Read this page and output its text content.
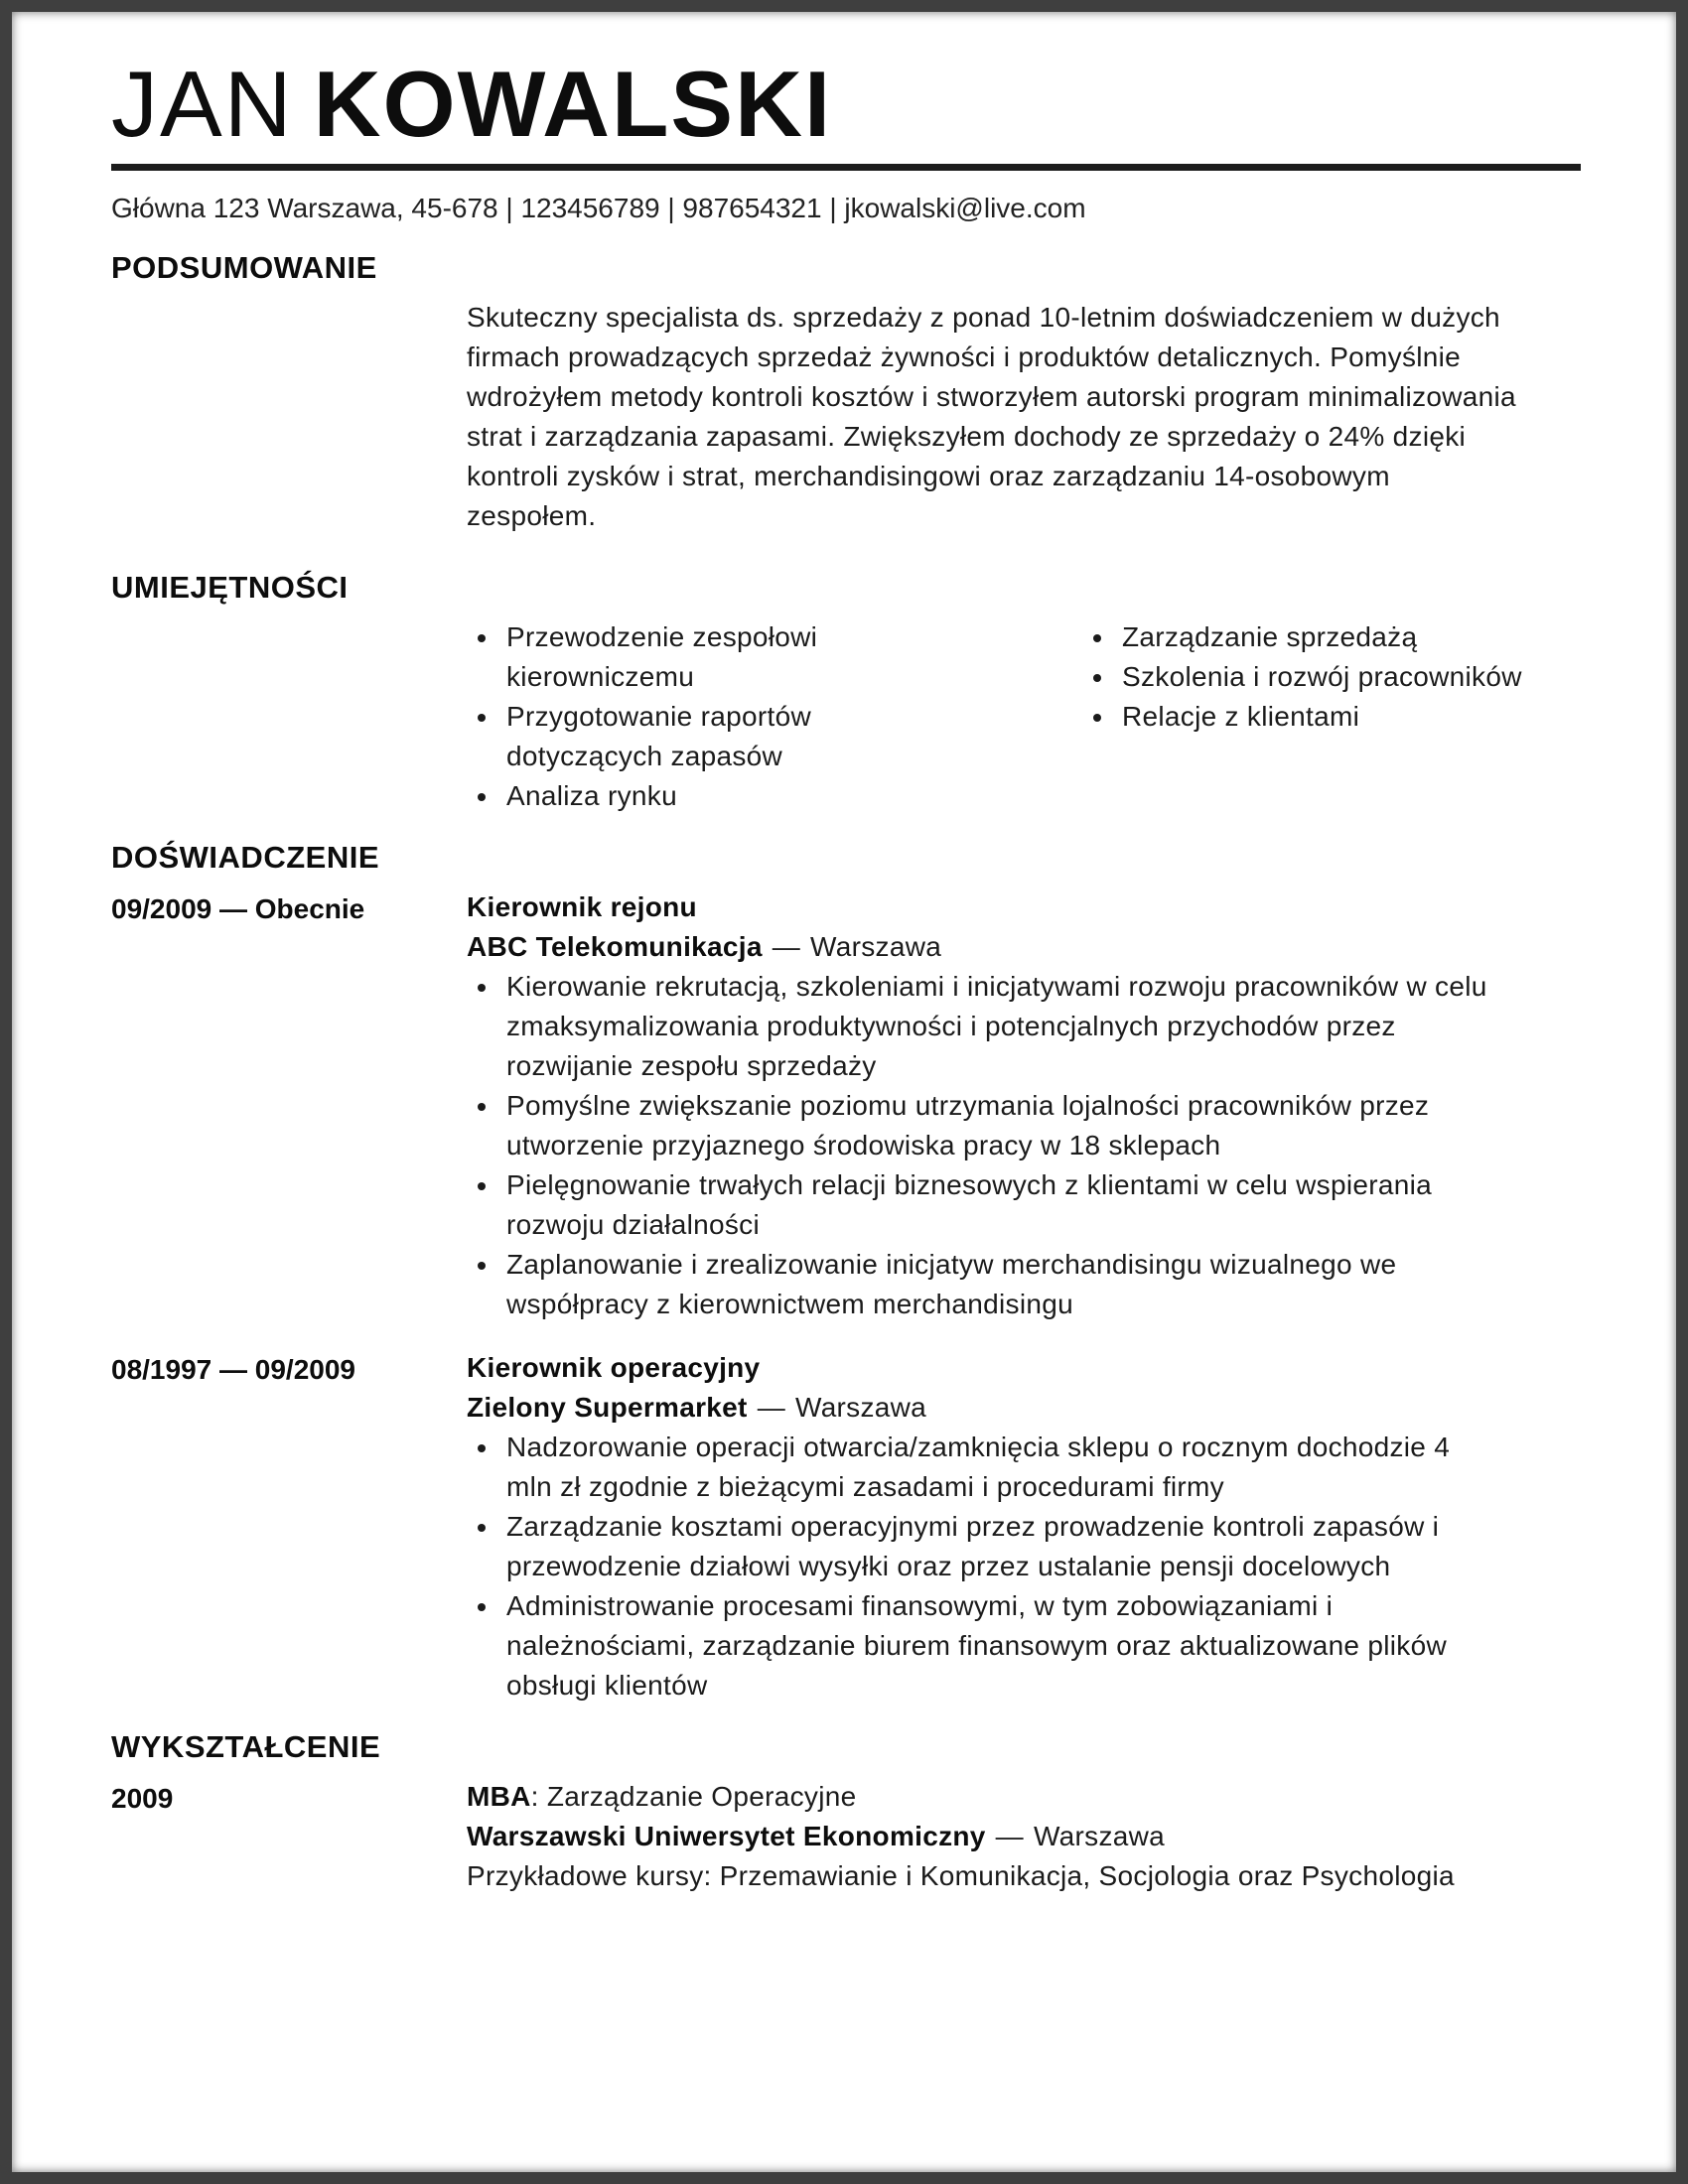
JAN KOWALSKI
Główna 123 Warszawa, 45-678 | 123456789 | 987654321 | jkowalski@live.com
PODSUMOWANIE

Skuteczny specjalista ds. sprzedaży z ponad 10-letnim doświadczeniem w dużych firmach prowadzących sprzedaż żywności i produktów detalicznych. Pomyślnie wdrożyłem metody kontroli kosztów i stworzyłem autorski program minimalizowania strat i zarządzania zapasami. Zwiększyłem dochody ze sprzedaży o 24% dzięki kontroli zysków i strat, merchandisingowi oraz zarządzaniu 14-osobowym zespołem.

UMIEJĘTNOŚCI
• Przewodzenie zespołowi kierowniczemu
• Przygotowanie raportów dotyczących zapasów
• Analiza rynku
• Zarządzanie sprzedażą
• Szkolenia i rozwój pracowników
• Relacje z klientami
DOŚWIADCZENIE
09/2009 — Obecnie	Kierownik rejonu
ABC Telekomunikacja — Warszawa
• Kierowanie rekrutacją, szkoleniami i inicjatywami rozwoju pracowników w celu zmaksymalizowania produktywności i potencjalnych przychodów przez rozwijanie zespołu sprzedaży
• Pomyślne zwiększanie poziomu utrzymania lojalności pracowników przez utworzenie przyjaznego środowiska pracy w 18 sklepach
• Pielęgnowanie trwałych relacji biznesowych z klientami w celu wspierania rozwoju działalności
• Zaplanowanie i zrealizowanie inicjatyw merchandisingu wizualnego we współpracy z kierownictwem merchandisingu
08/1997 — 09/2009	Kierownik operacyjny
Zielony Supermarket — Warszawa
• Nadzorowanie operacji otwarcia/zamknięcia sklepu o rocznym dochodzie 4 mln zł zgodnie z bieżącymi zasadami i procedurami firmy
• Zarządzanie kosztami operacyjnymi przez prowadzenie kontroli zapasów i przewodzenie działowi wysyłki oraz przez ustalanie pensji docelowych
• Administrowanie procesami finansowymi, w tym zobowiązaniami i należnościami, zarządzanie biurem finansowym oraz aktualizowane plików obsługi klientów
WYKSZTAŁCENIE
2009	MBA: Zarządzanie Operacyjne
Warszawski Uniwersytet Ekonomiczny — Warszawa
Przykładowe kursy: Przemawianie i Komunikacja, Socjologia oraz Psychologia
